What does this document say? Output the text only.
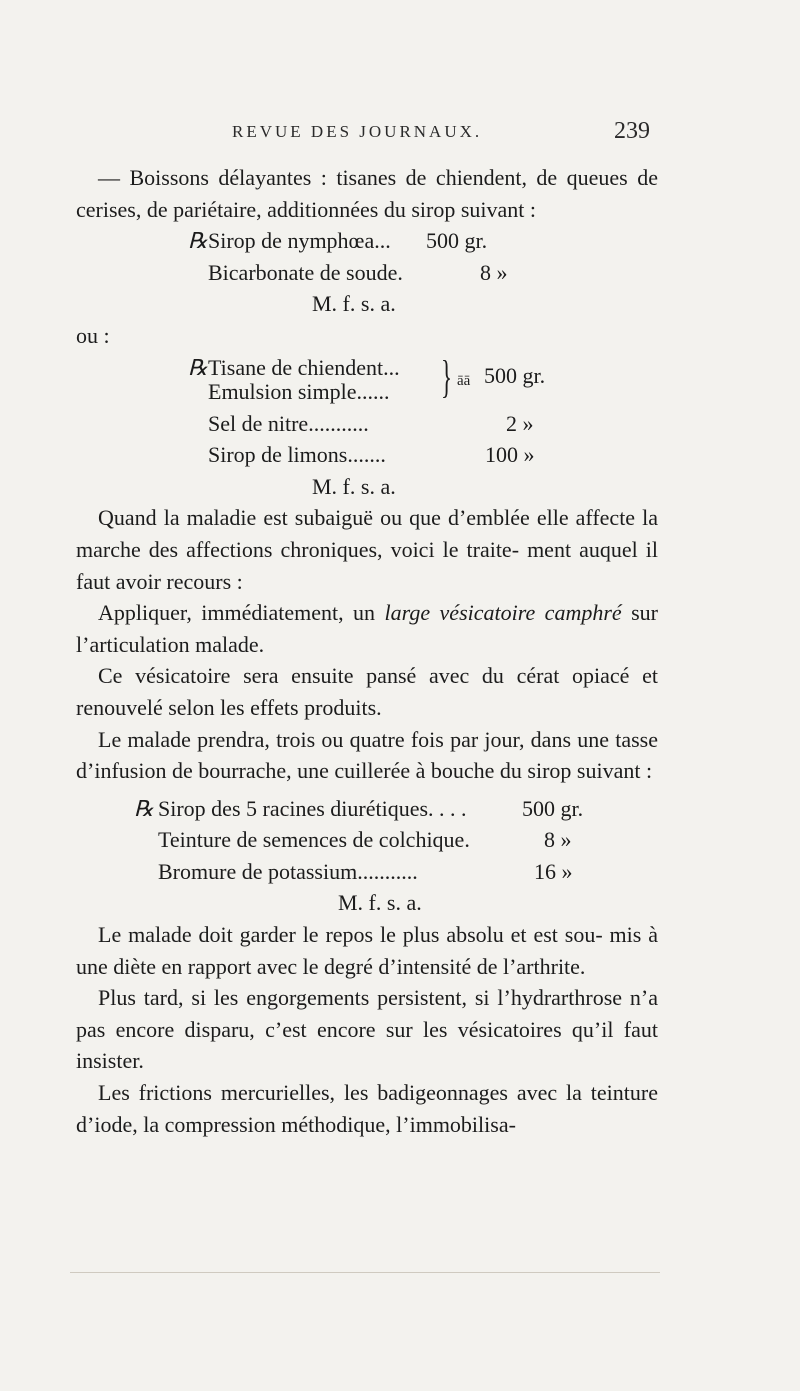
REVUE DES JOURNAUX.	239

— Boissons délayantes : tisanes de chiendent, de queues de cerises, de pariétaire, additionnées du sirop suivant :

℞ Sirop de nymphœa... 500 gr.
Bicarbonate de soude.	8 »
M. f. s. a.

ou :

℞ Tisane de chiendent...
Emulsion simple...... } āā 500 gr.
Sel de nitre...........	2 »
Sirop de limons.......	100 »
M. f. s. a.

Quand la maladie est subaiguë ou que d’emblée elle affecte la marche des affections chroniques, voici le traite- ment auquel il faut avoir recours :

Appliquer, immédiatement, un large vésicatoire camphré sur l’articulation malade.

Ce vésicatoire sera ensuite pansé avec du cérat opiacé et renouvelé selon les effets produits.

Le malade prendra, trois ou quatre fois par jour, dans une tasse d’infusion de bourrache, une cuillerée à bouche du sirop suivant :

℞ Sirop des 5 racines diurétiques. . . .	500 gr.
Teinture de semences de colchique.	8 »
Bromure de potassium...........	16 »
M. f. s. a.

Le malade doit garder le repos le plus absolu et est sou- mis à une diète en rapport avec le degré d’intensité de l’arthrite.

Plus tard, si les engorgements persistent, si l’hydrarthrose n’a pas encore disparu, c’est encore sur les vésicatoires qu’il faut insister.

Les frictions mercurielles, les badigeonnages avec la teinture d’iode, la compression méthodique, l’immobilisa-
